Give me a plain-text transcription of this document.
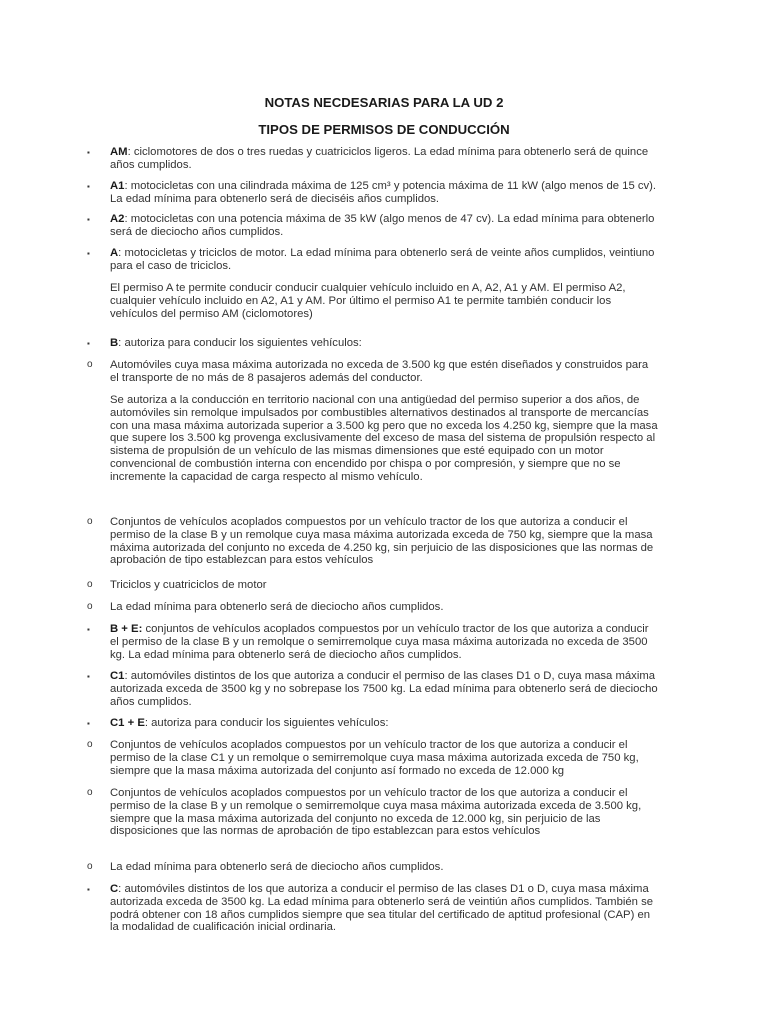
NOTAS NECDESARIAS PARA LA UD 2
TIPOS DE PERMISOS DE CONDUCCIÓN
▪	AM: ciclomotores de dos o tres ruedas y cuatriciclos ligeros. La edad mínima para obtenerlo será de quince años cumplidos.

▪	A1: motocicletas con una cilindrada máxima de 125 cm³ y potencia máxima de 11 kW (algo menos de 15 cv). La edad mínima para obtenerlo será de dieciséis años cumplidos.

▪	A2: motocicletas con una potencia máxima de 35 kW (algo menos de 47 cv). La edad mínima para obtenerlo será de dieciocho años cumplidos.

▪	A: motocicletas y triciclos de motor. La edad mínima para obtenerlo será de veinte años cumplidos, veintiuno para el caso de triciclos.

El permiso A te permite conducir conducir cualquier vehículo incluido en A, A2, A1 y AM. El permiso A2, cualquier vehículo incluido en A2, A1 y AM. Por último el permiso A1 te permite también conducir los vehículos del permiso AM (ciclomotores)

▪	B: autoriza para conducir los siguientes vehículos:

o	Automóviles cuya masa máxima autorizada no exceda de 3.500 kg que estén diseñados y construidos para el transporte de no más de 8 pasajeros además del conductor.

Se autoriza a la conducción en territorio nacional con una antigüedad del permiso superior a dos años, de automóviles sin remolque impulsados por combustibles alternativos destinados al transporte de mercancías con una masa máxima autorizada superior a 3.500 kg pero que no exceda los 4.250 kg, siempre que la masa que supere los 3.500 kg provenga exclusivamente del exceso de masa del sistema de propulsión respecto al sistema de propulsión de un vehículo de las mismas dimensiones que esté equipado con un motor convencional de combustión interna con encendido por chispa o por compresión, y siempre que no se incremente la capacidad de carga respecto al mismo vehículo.

o	Conjuntos de vehículos acoplados compuestos por un vehículo tractor de los que autoriza a conducir el permiso de la clase B y un remolque cuya masa máxima autorizada exceda de 750 kg, siempre que la masa máxima autorizada del conjunto no exceda de 4.250 kg, sin perjuicio de las disposiciones que las normas de aprobación de tipo establezcan para estos vehículos

o	Triciclos y cuatriciclos de motor

o	La edad mínima para obtenerlo será de dieciocho años cumplidos.

▪	B + E: conjuntos de vehículos acoplados compuestos por un vehículo tractor de los que autoriza a conducir el permiso de la clase B y un remolque o semirremolque cuya masa máxima autorizada no exceda de 3500 kg. La edad mínima para obtenerlo será de dieciocho años cumplidos.

▪	C1: automóviles distintos de los que autoriza a conducir el permiso de las clases D1 o D, cuya masa máxima autorizada exceda de 3500 kg y no sobrepase los 7500 kg. La edad mínima para obtenerlo será de dieciocho años cumplidos.

▪	C1 + E: autoriza para conducir los siguientes vehículos:

o	Conjuntos de vehículos acoplados compuestos por un vehículo tractor de los que autoriza a conducir el permiso de la clase C1 y un remolque o semirremolque cuya masa máxima autorizada exceda de 750 kg, siempre que la masa máxima autorizada del conjunto así formado no exceda de 12.000 kg

o	Conjuntos de vehículos acoplados compuestos por un vehículo tractor de los que autoriza a conducir el permiso de la clase B y un remolque o semirremolque cuya masa máxima autorizada exceda de 3.500 kg, siempre que la masa máxima autorizada del conjunto no exceda de 12.000 kg, sin perjuicio de las disposiciones que las normas de aprobación de tipo establezcan para estos vehículos

o	La edad mínima para obtenerlo será de dieciocho años cumplidos.

▪	C: automóviles distintos de los que autoriza a conducir el permiso de las clases D1 o D, cuya masa máxima autorizada exceda de 3500 kg. La edad mínima para obtenerlo será de veintiún años cumplidos. También se podrá obtener con 18 años cumplidos siempre que sea titular del certificado de aptitud profesional (CAP) en la modalidad de cualificación inicial ordinaria.
